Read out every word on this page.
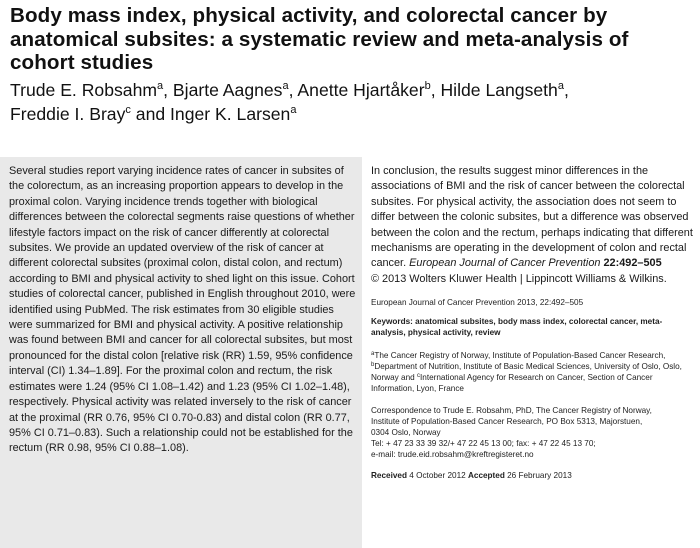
Body mass index, physical activity, and colorectal cancer by anatomical subsites: a systematic review and meta-analysis of cohort studies
Trude E. Robsahm$^a$, Bjarte Aagnes$^a$, Anette Hjartåker$^b$, Hilde Langseth$^a$,
Freddie I. Bray$^c$ and Inger K. Larsen$^a$
Several studies report varying incidence rates of cancer in subsites of the colorectum, as an increasing proportion appears to develop in the proximal colon. Varying incidence trends together with biological differences between the colorectal segments raise questions of whether lifestyle factors impact on the risk of cancer differently at colorectal subsites. We provide an updated overview of the risk of cancer at different colorectal subsites (proximal colon, distal colon, and rectum) according to BMI and physical activity to shed light on this issue. Cohort studies of colorectal cancer, published in English throughout 2010, were identified using PubMed. The risk estimates from 30 eligible studies were summarized for BMI and physical activity. A positive relationship was found between BMI and cancer for all colorectal subsites, but most pronounced for the distal colon [relative risk (RR) 1.59, 95% confidence interval (CI) 1.34–1.89]. For the proximal colon and rectum, the risk estimates were 1.24 (95% CI 1.08–1.42) and 1.23 (95% CI 1.02–1.48), respectively. Physical activity was related inversely to the risk of cancer at the proximal (RR 0.76, 95% CI 0.70-0.83) and distal colon (RR 0.77, 95% CI 0.71–0.83). Such a relationship could not be established for the rectum (RR 0.98, 95% CI 0.88–1.08).

In conclusion, the results suggest minor differences in the associations of BMI and the risk of cancer between the colorectal subsites. For physical activity, the association does not seem to differ between the colonic subsites, but a difference was observed between the colon and the rectum, perhaps indicating that different mechanisms are operating in the development of colon and rectal cancer. European Journal of Cancer Prevention 22:492–505
© 2013 Wolters Kluwer Health | Lippincott Williams & Wilkins.

European Journal of Cancer Prevention 2013, 22:492–505
Keywords: anatomical subsites, body mass index, colorectal cancer, meta-analysis, physical activity, review
$^a$The Cancer Registry of Norway, Institute of Population-Based Cancer Research, $^b$Department of Nutrition, Institute of Basic Medical Sciences, University of Oslo, Oslo, Norway and $^c$International Agency for Research on Cancer, Section of Cancer Information, Lyon, France
Correspondence to Trude E. Robsahm, PhD, The Cancer Registry of Norway,
Institute of Population-Based Cancer Research, PO Box 5313, Majorstuen,
0304 Oslo, Norway
Tel: + 47 23 33 39 32/+ 47 22 45 13 00; fax: + 47 22 45 13 70;
e-mail: trude.eid.robsahm@kreftregisteret.no
Received 4 October 2012 Accepted 26 February 2013
